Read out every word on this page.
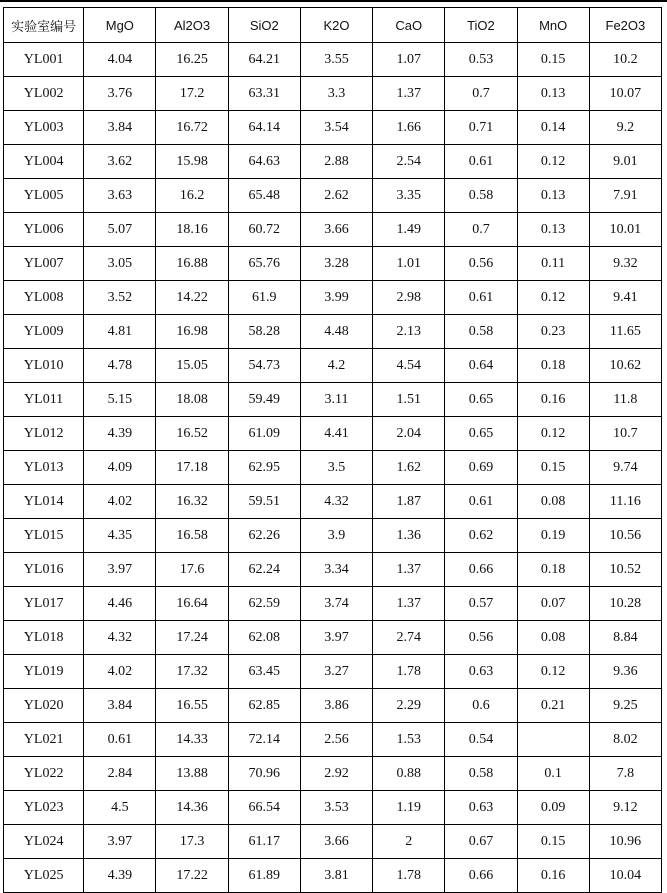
实验室编号	MgO	Al2O3	SiO2	K2O	CaO	TiO2	MnO	Fe2O3
YL001	4.04	16.25	64.21	3.55	1.07	0.53	0.15	10.2
YL002	3.76	17.2	63.31	3.3	1.37	0.7	0.13	10.07
YL003	3.84	16.72	64.14	3.54	1.66	0.71	0.14	9.2
YL004	3.62	15.98	64.63	2.88	2.54	0.61	0.12	9.01
YL005	3.63	16.2	65.48	2.62	3.35	0.58	0.13	7.91
YL006	5.07	18.16	60.72	3.66	1.49	0.7	0.13	10.01
YL007	3.05	16.88	65.76	3.28	1.01	0.56	0.11	9.32
YL008	3.52	14.22	61.9	3.99	2.98	0.61	0.12	9.41
YL009	4.81	16.98	58.28	4.48	2.13	0.58	0.23	11.65
YL010	4.78	15.05	54.73	4.2	4.54	0.64	0.18	10.62
YL011	5.15	18.08	59.49	3.11	1.51	0.65	0.16	11.8
YL012	4.39	16.52	61.09	4.41	2.04	0.65	0.12	10.7
YL013	4.09	17.18	62.95	3.5	1.62	0.69	0.15	9.74
YL014	4.02	16.32	59.51	4.32	1.87	0.61	0.08	11.16
YL015	4.35	16.58	62.26	3.9	1.36	0.62	0.19	10.56
YL016	3.97	17.6	62.24	3.34	1.37	0.66	0.18	10.52
YL017	4.46	16.64	62.59	3.74	1.37	0.57	0.07	10.28
YL018	4.32	17.24	62.08	3.97	2.74	0.56	0.08	8.84
YL019	4.02	17.32	63.45	3.27	1.78	0.63	0.12	9.36
YL020	3.84	16.55	62.85	3.86	2.29	0.6	0.21	9.25
YL021	0.61	14.33	72.14	2.56	1.53	0.54		8.02
YL022	2.84	13.88	70.96	2.92	0.88	0.58	0.1	7.8
YL023	4.5	14.36	66.54	3.53	1.19	0.63	0.09	9.12
YL024	3.97	17.3	61.17	3.66	2	0.67	0.15	10.96
YL025	4.39	17.22	61.89	3.81	1.78	0.66	0.16	10.04
